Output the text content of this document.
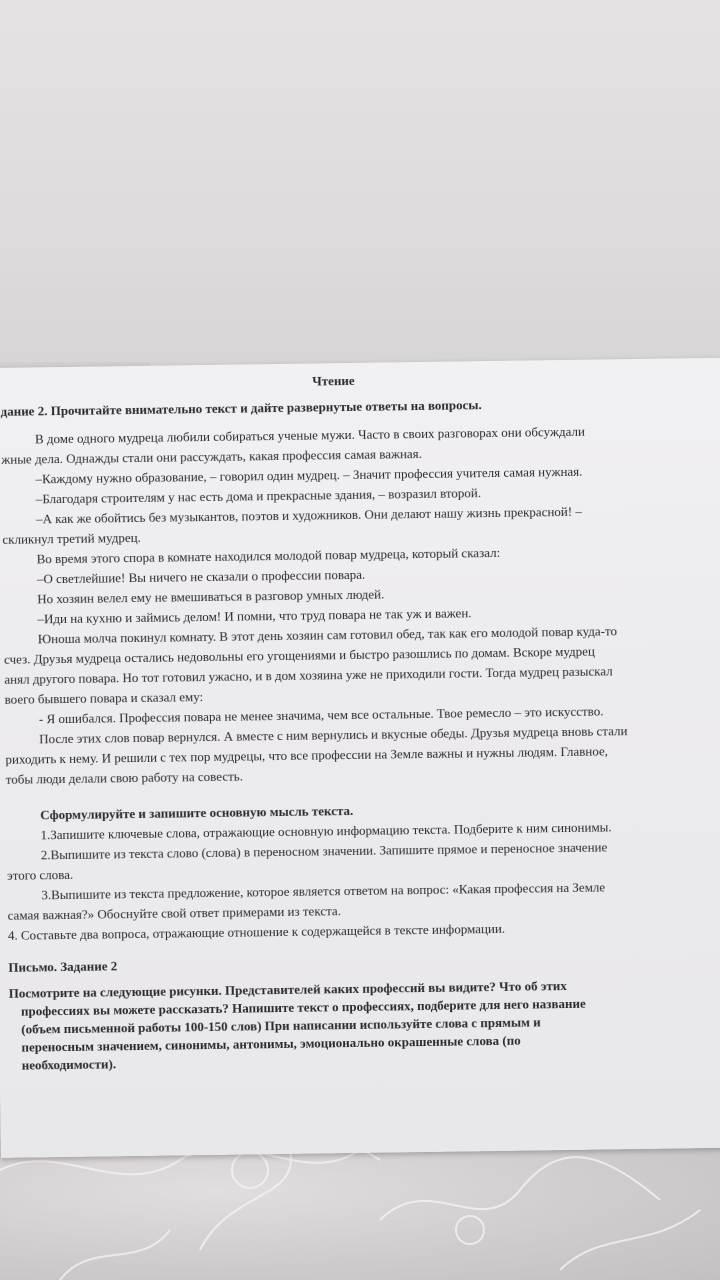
Чтение
дание 2. Прочитайте внимательно текст и дайте развернутые ответы на вопросы.
В доме одного мудреца любили собираться ученые мужи. Часто в своих разговорах они обсуждали
жные дела. Однажды стали они рассуждать, какая профессия самая важная.
–Каждому нужно образование, – говорил один мудрец. – Значит профессия учителя самая нужная.
–Благодаря строителям у нас есть дома и прекрасные здания, – возразил второй.
–А как же обойтись без музыкантов, поэтов и художников. Они делают нашу жизнь прекрасной! –
скликнул третий мудрец.
Во время этого спора в комнате находился молодой повар мудреца, который сказал:
–О светлейшие! Вы ничего не сказали о профессии повара.
Но хозяин велел ему не вмешиваться в разговор умных людей.
–Иди на кухню и займись делом! И помни, что труд повара не так уж и важен.
Юноша молча покинул комнату. В этот день хозяин сам готовил обед, так как его молодой повар куда-то
счез. Друзья мудреца остались недовольны его угощениями и быстро разошлись по домам. Вскоре мудрец
анял другого повара. Но тот готовил ужасно, и в дом хозяина уже не приходили гости. Тогда мудрец разыскал
воего бывшего повара и сказал ему:
- Я ошибался. Профессия повара не менее значима, чем все остальные. Твое ремесло – это искусство.
После этих слов повар вернулся. А вместе с ним вернулись и вкусные обеды. Друзья мудреца вновь стали
риходить к нему. И решили с тех пор мудрецы, что все профессии на Земле важны и нужны людям. Главное,
тобы люди делали свою работу на совесть.
Сформулируйте и запишите основную мысль текста.
1.Запишите ключевые слова, отражающие основную информацию текста. Подберите к ним синонимы.
2.Выпишите из текста слово (слова) в переносном значении. Запишите прямое и переносное значение
этого слова.
3.Выпишите из текста предложение, которое является ответом на вопрос: «Какая профессия на Земле
самая важная?» Обоснуйте свой ответ примерами из текста.
4. Составьте два вопроса, отражающие отношение к содержащейся в тексте информации.
Письмо. Задание 2
Посмотрите на следующие рисунки. Представителей каких профессий вы видите? Что об этих
профессиях вы можете рассказать? Напишите текст о профессиях, подберите для него название
(объем письменной работы 100-150 слов) При написании используйте слова с прямым и
переносным значением, синонимы, антонимы, эмоционально окрашенные слова (по
необходимости).
